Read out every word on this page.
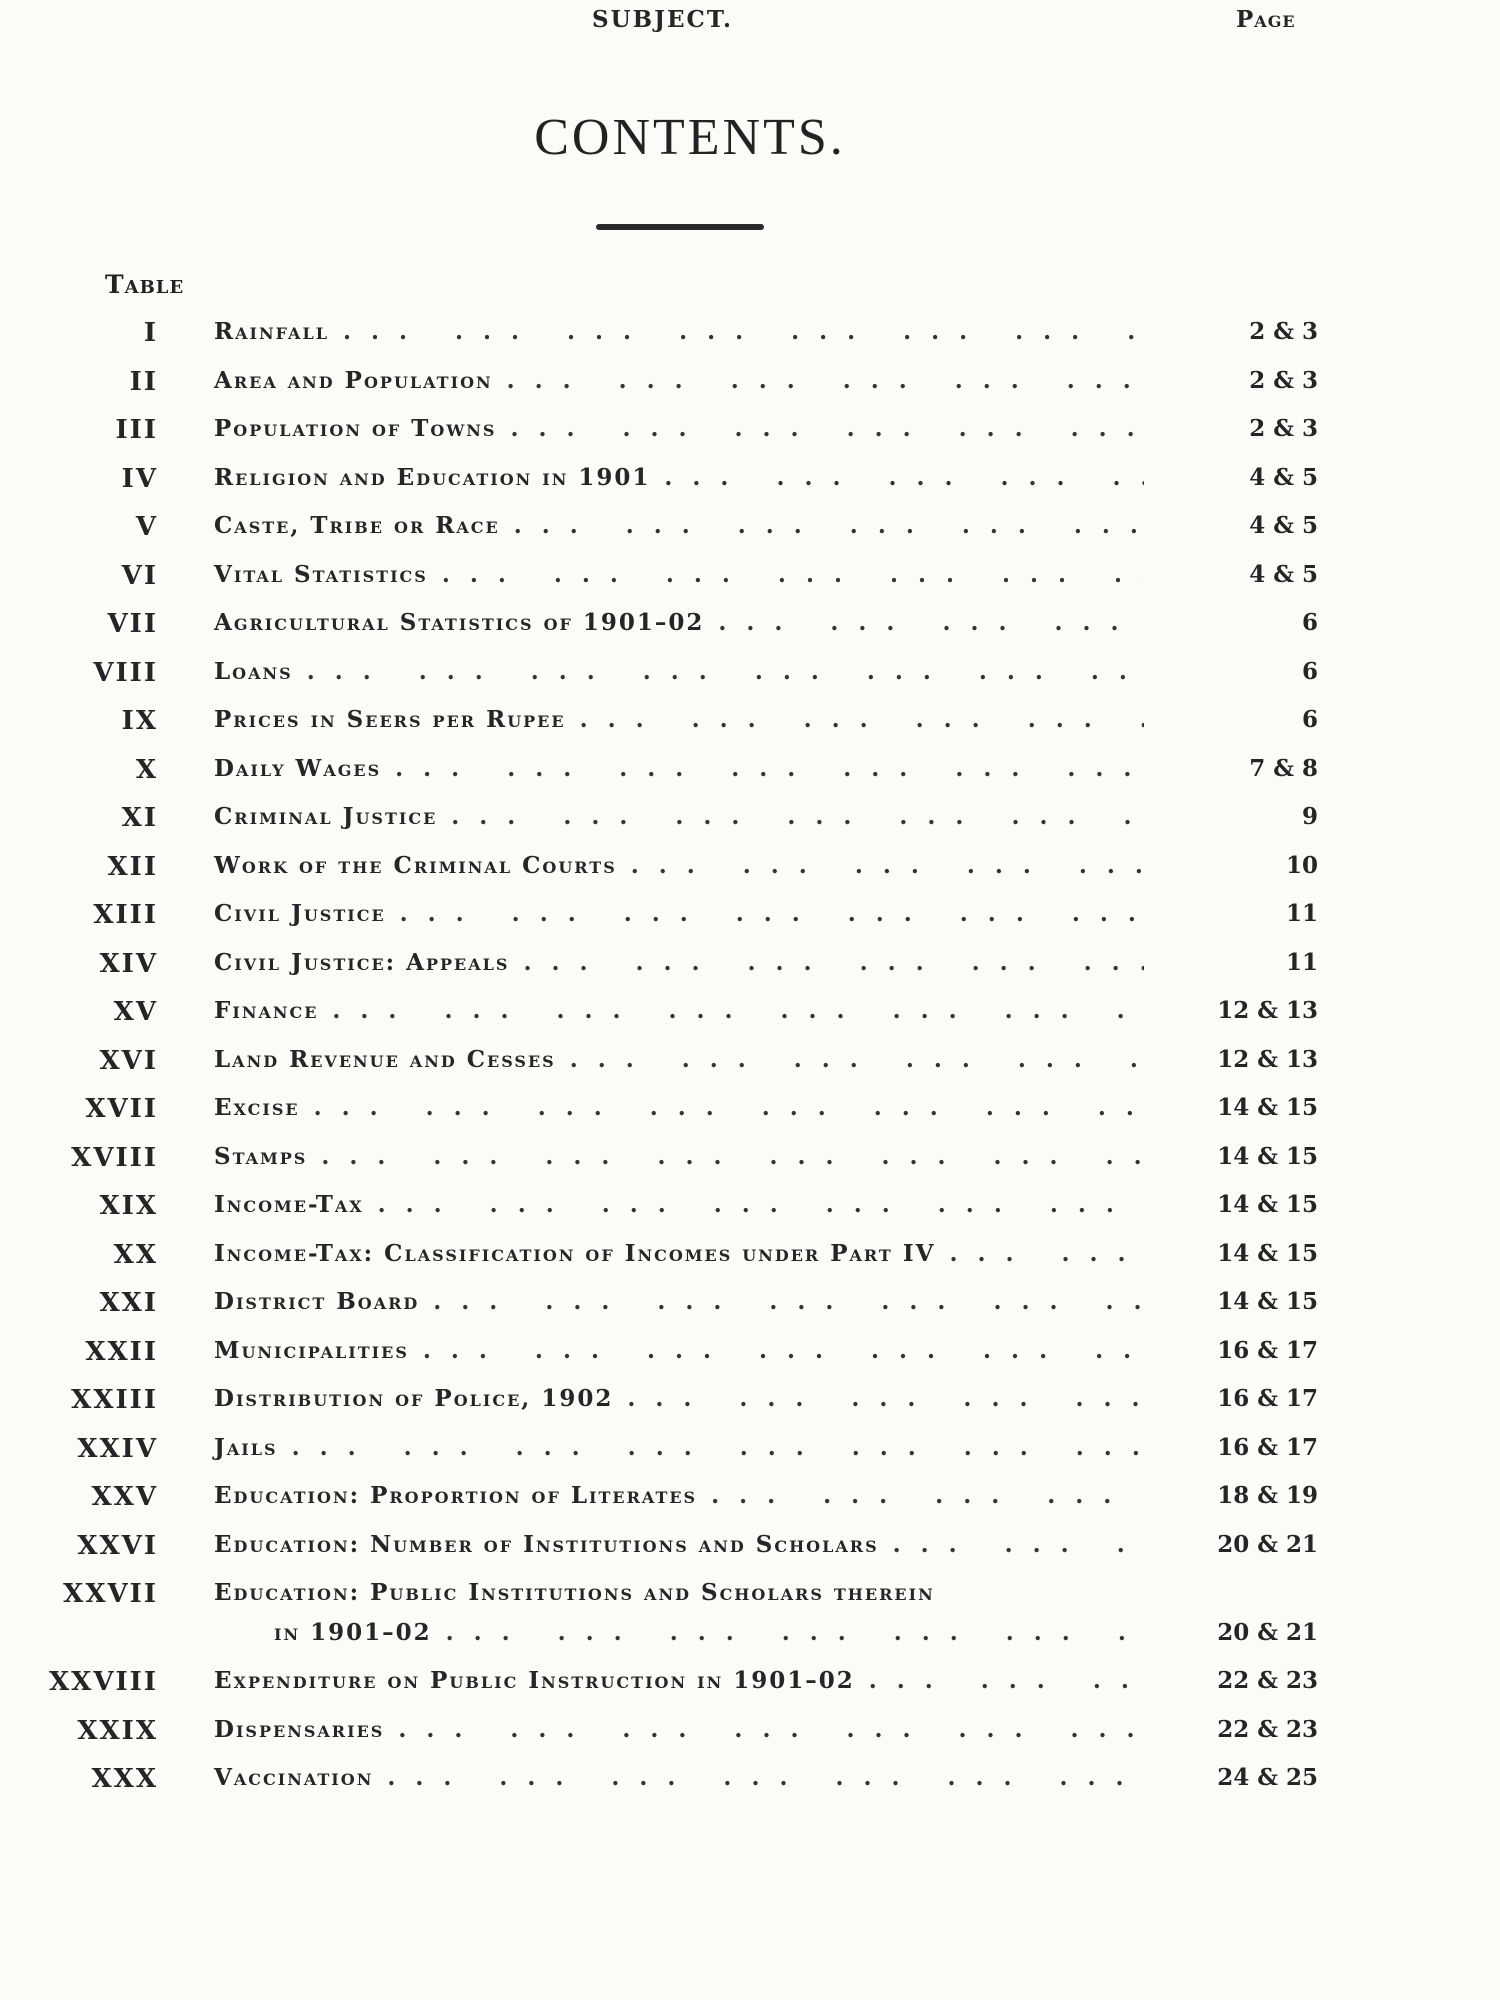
CONTENTS.
Table
SUBJECT.	Page
I Rainfall ... .	2 & 3
II Area and Population ... .	2 & 3
III Population of Towns ... .	2 & 3
IV Religion and Education in 1901 ... .	4 & 5
V Caste, Tribe or Race ... .	4 & 5
VI Vital Statistics ... .	4 & 5
VII Agricultural Statistics of 1901–02 ... .	6
VIII Loans ... .	6
IX Prices in Seers per Rupee ... .	6
X Daily Wages ... .	7 & 8
XI Criminal Justice ... .	9
XII Work of the Criminal Courts ... .	10
XIII Civil Justice ... .	11
XIV Civil Justice: Appeals ... .	11
XV Finance ... .	12 & 13
XVI Land Revenue and Cesses ... .	12 & 13
XVII Excise ... .	14 & 15
XVIII Stamps ... .	14 & 15
XIX Income-Tax ... .	14 & 15
XX Income-Tax: Classification of Incomes under Part IV ... .	14 & 15
XXI District Board ... .	14 & 15
XXII Municipalities ... .	16 & 17
XXIII Distribution of Police, 1902 ... .	16 & 17
XXIV Jails ... .	16 & 17
XXV Education: Proportion of Literates ... .	18 & 19
XXVI Education: Number of Institutions and Scholars ... .	20 & 21
XXVII Education: Public Institutions and Scholars therein
in 1901–02 ... .	20 & 21
XXVIII Expenditure on Public Instruction in 1901–02 ... .	22 & 23
XXIX Dispensaries ... .	22 & 23
XXX Vaccination ... .	24 & 25
